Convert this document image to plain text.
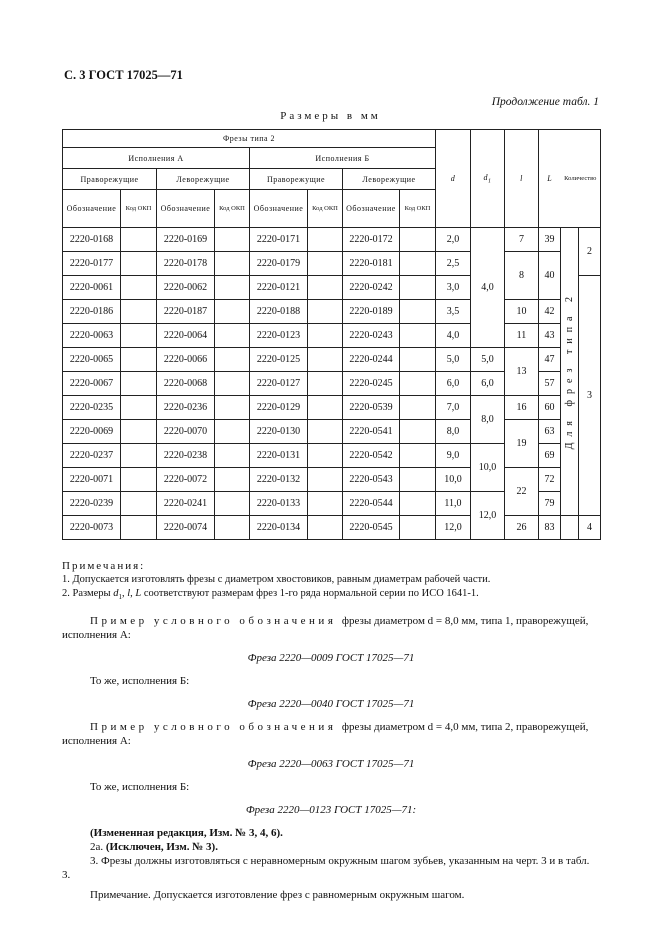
С. 3 ГОСТ 17025—71
Продолжение табл. 1
Размеры в мм
Фрезы типа 2								d	$d_1$	l	L	Количество	
Исполнения А				Исполнения Б									
Праворежущие		Леворежущие		Праворежущие		Леворежущие							
Обозначение	Код ОКП	Обозначение	Код ОКП	Обозначение	Код ОКП	Обозначение	Код ОКП						
2220-0168		2220-0169		2220-0171		2220-0172		2,0	4,0	7	39	Для фрез типа 2	2
2220-0177		2220-0178		2220-0179		2220-0181		2,5		8	40		
2220-0061		2220-0062		2220-0121		2220-0242		3,0					3
2220-0186		2220-0187		2220-0188		2220-0189		3,5		10	42		
2220-0063		2220-0064		2220-0123		2220-0243		4,0		11	43		
2220-0065		2220-0066		2220-0125		2220-0244		5,0	5,0	13	47		
2220-0067		2220-0068		2220-0127		2220-0245		6,0	6,0		57		
2220-0235		2220-0236		2220-0129		2220-0539		7,0	8,0	16	60		
2220-0069		2220-0070		2220-0130		2220-0541		8,0		19	63		
2220-0237		2220-0238		2220-0131		2220-0542		9,0	10,0		69		
2220-0071		2220-0072		2220-0132		2220-0543		10,0		22	72		
2220-0239		2220-0241		2220-0133		2220-0544		11,0	12,0		79		
2220-0073		2220-0074		2220-0134		2220-0545		12,0		26	83		4

Примечания:

1. Допускается изготовлять фрезы с диаметром хвостовиков, равным диаметрам рабочей части.

2. Размеры $d_1$, l, L соответствуют размерам фрез 1-го ряда нормальной серии по ИСО 1641-1.

Пример условного обозначения фрезы диаметром d = 8,0 мм, типа 1, праворежущей, исполнения А:

Фреза 2220—0009 ГОСТ 17025—71

То же, исполнения Б:

Фреза 2220—0040 ГОСТ 17025—71

Пример условного обозначения фрезы диаметром d = 4,0 мм, типа 2, праворежущей, исполнения А:

Фреза 2220—0063 ГОСТ 17025—71

То же, исполнения Б:

Фреза 2220—0123 ГОСТ 17025—71:

(Измененная редакция, Изм. № 3, 4, 6).

2а. (Исключен, Изм. № 3).

3. Фрезы должны изготовляться с неравномерным окружным шагом зубьев, указанным на черт. 3 и в табл. 3.

Примечание. Допускается изготовление фрез с равномерным окружным шагом.
